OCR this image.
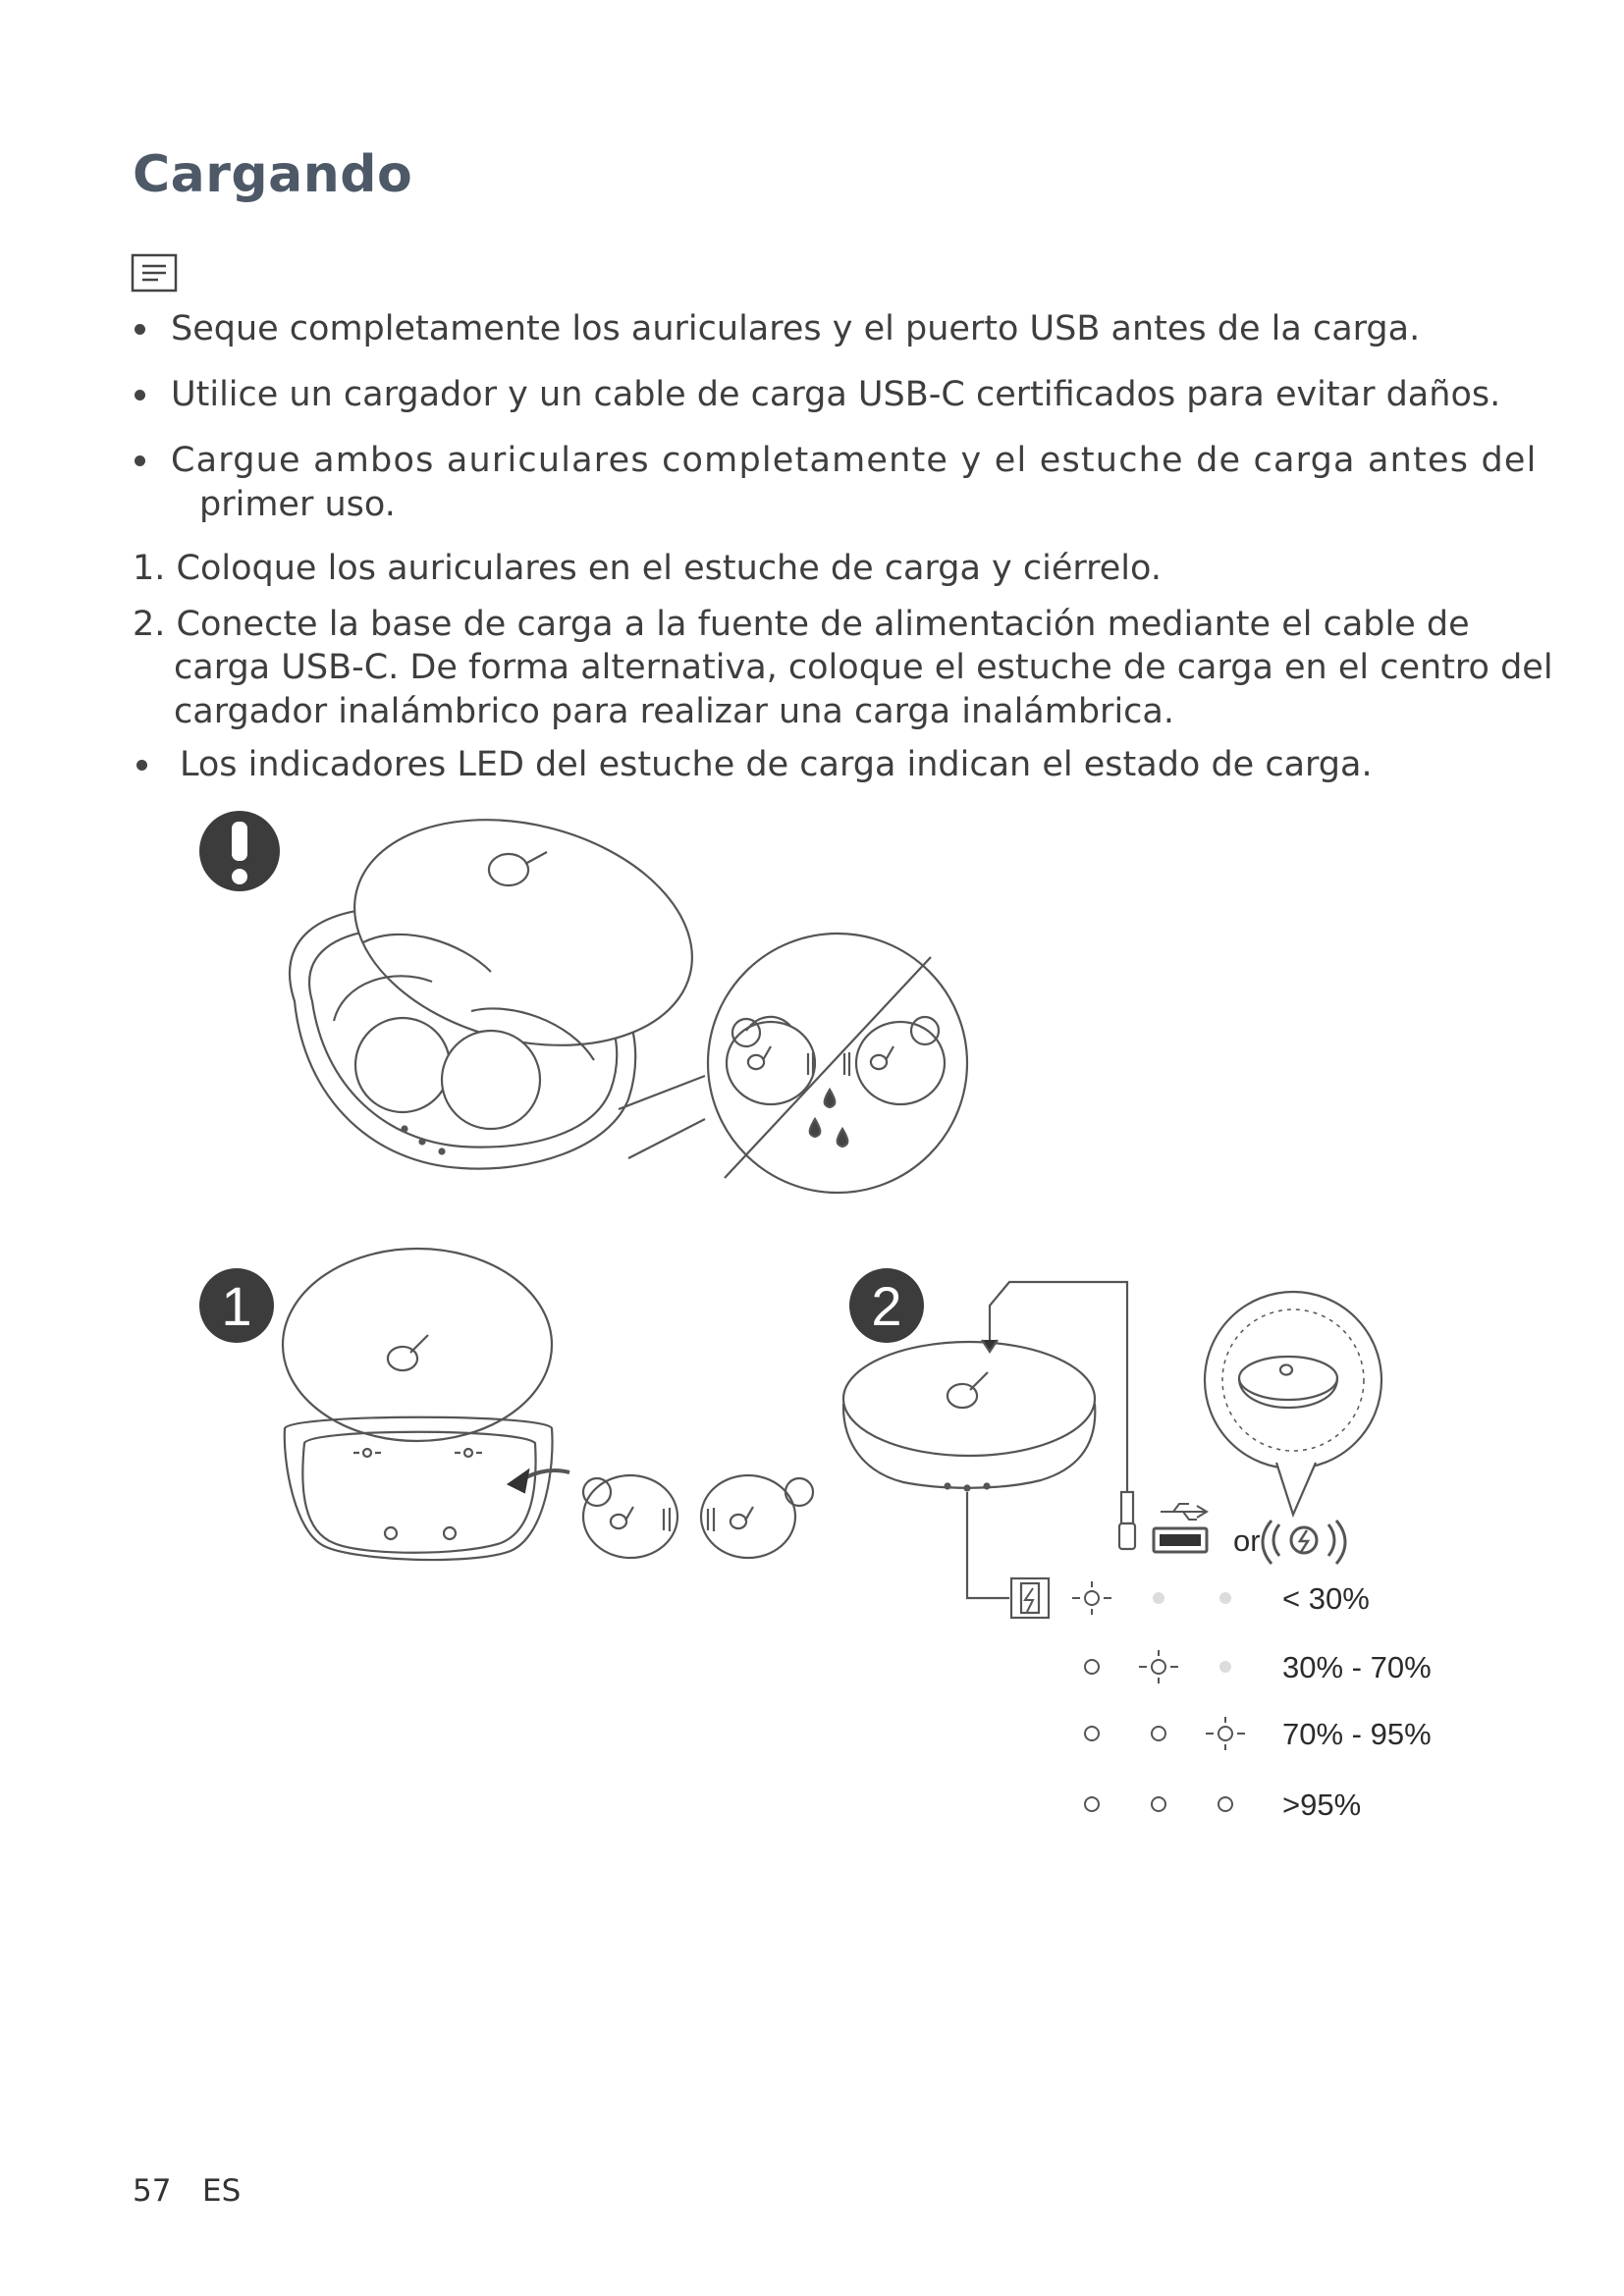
Cargando
Seque completamente los auriculares y el puerto USB antes de la carga.
Utilice un cargador y un cable de carga USB-C certificados para evitar daños.
Cargue ambos auriculares completamente y el estuche de carga antes del
primer uso.
1. Coloque los auriculares en el estuche de carga y ciérrelo.
2. Conecte la base de carga a la fuente de alimentación mediante el cable de
carga USB-C. De forma alternativa, coloque el estuche de carga en el centro del
cargador inalámbrico para realizar una carga inalámbrica.
Los indicadores LED del estuche de carga indican el estado de carga.
1	2
or
< 30%
30% - 70%
70% - 95%
>95%
57 ES
